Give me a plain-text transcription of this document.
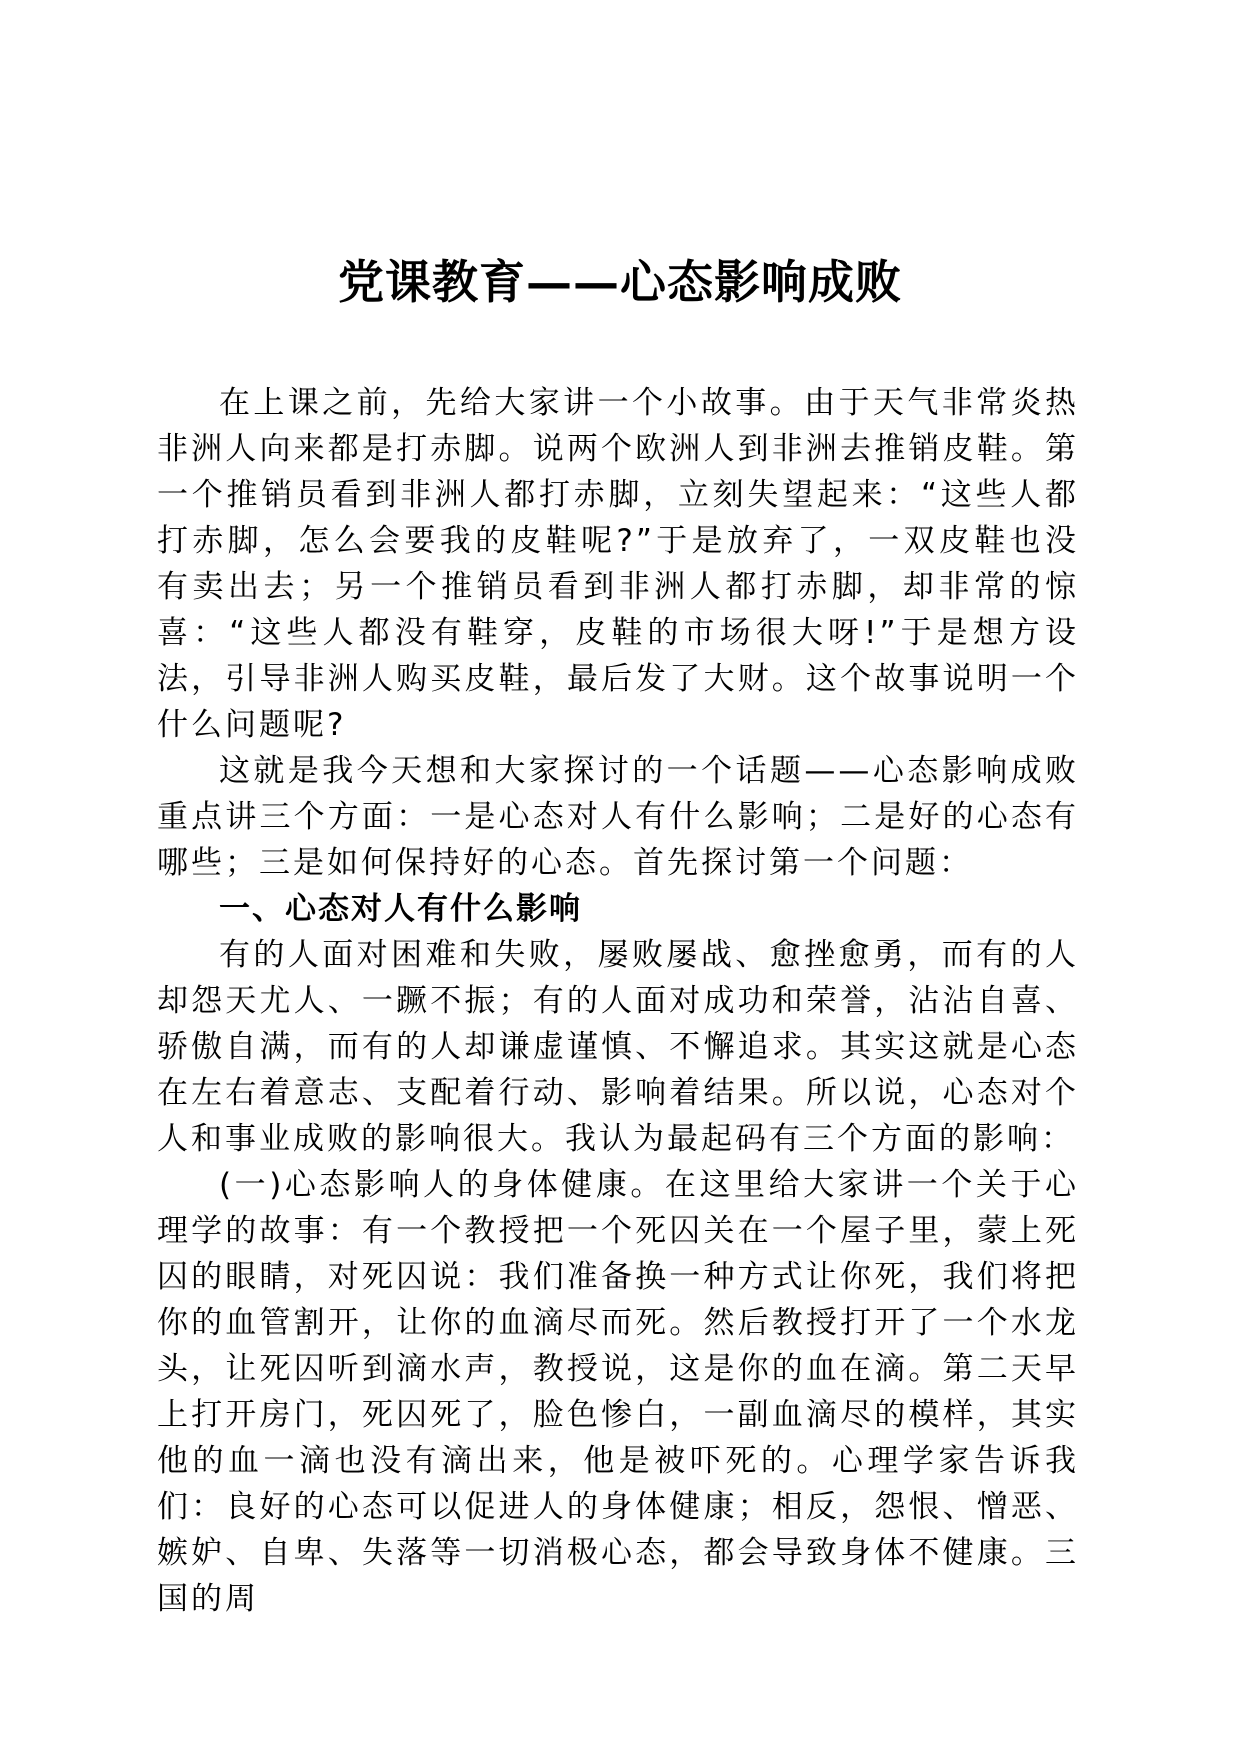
党课教育——心态影响成败

在上课之前，先给大家讲一个小故事。由于天气非常炎热非洲人向来都是打赤脚。说两个欧洲人到非洲去推销皮鞋。第一个推销员看到非洲人都打赤脚，立刻失望起来：“这些人都打赤脚，怎么会要我的皮鞋呢?”于是放弃了，一双皮鞋也没有卖出去；另一个推销员看到非洲人都打赤脚，却非常的惊喜：“这些人都没有鞋穿，皮鞋的市场很大呀!”于是想方设法，引导非洲人购买皮鞋，最后发了大财。这个故事说明一个什么问题呢?

这就是我今天想和大家探讨的一个话题——心态影响成败重点讲三个方面：一是心态对人有什么影响；二是好的心态有哪些；三是如何保持好的心态。首先探讨第一个问题：

一、心态对人有什么影响

有的人面对困难和失败，屡败屡战、愈挫愈勇，而有的人却怨天尤人、一蹶不振；有的人面对成功和荣誉，沾沾自喜、骄傲自满，而有的人却谦虚谨慎、不懈追求。其实这就是心态在左右着意志、支配着行动、影响着结果。所以说，心态对个人和事业成败的影响很大。我认为最起码有三个方面的影响：

(一)心态影响人的身体健康。在这里给大家讲一个关于心理学的故事：有一个教授把一个死囚关在一个屋子里，蒙上死囚的眼睛，对死囚说：我们准备换一种方式让你死，我们将把你的血管割开，让你的血滴尽而死。然后教授打开了一个水龙头，让死囚听到滴水声，教授说，这是你的血在滴。第二天早上打开房门，死囚死了，脸色惨白，一副血滴尽的模样，其实他的血一滴也没有滴出来，他是被吓死的。心理学家告诉我们：良好的心态可以促进人的身体健康；相反，怨恨、憎恶、嫉妒、自卑、失落等一切消极心态，都会导致身体不健康。三国的周
